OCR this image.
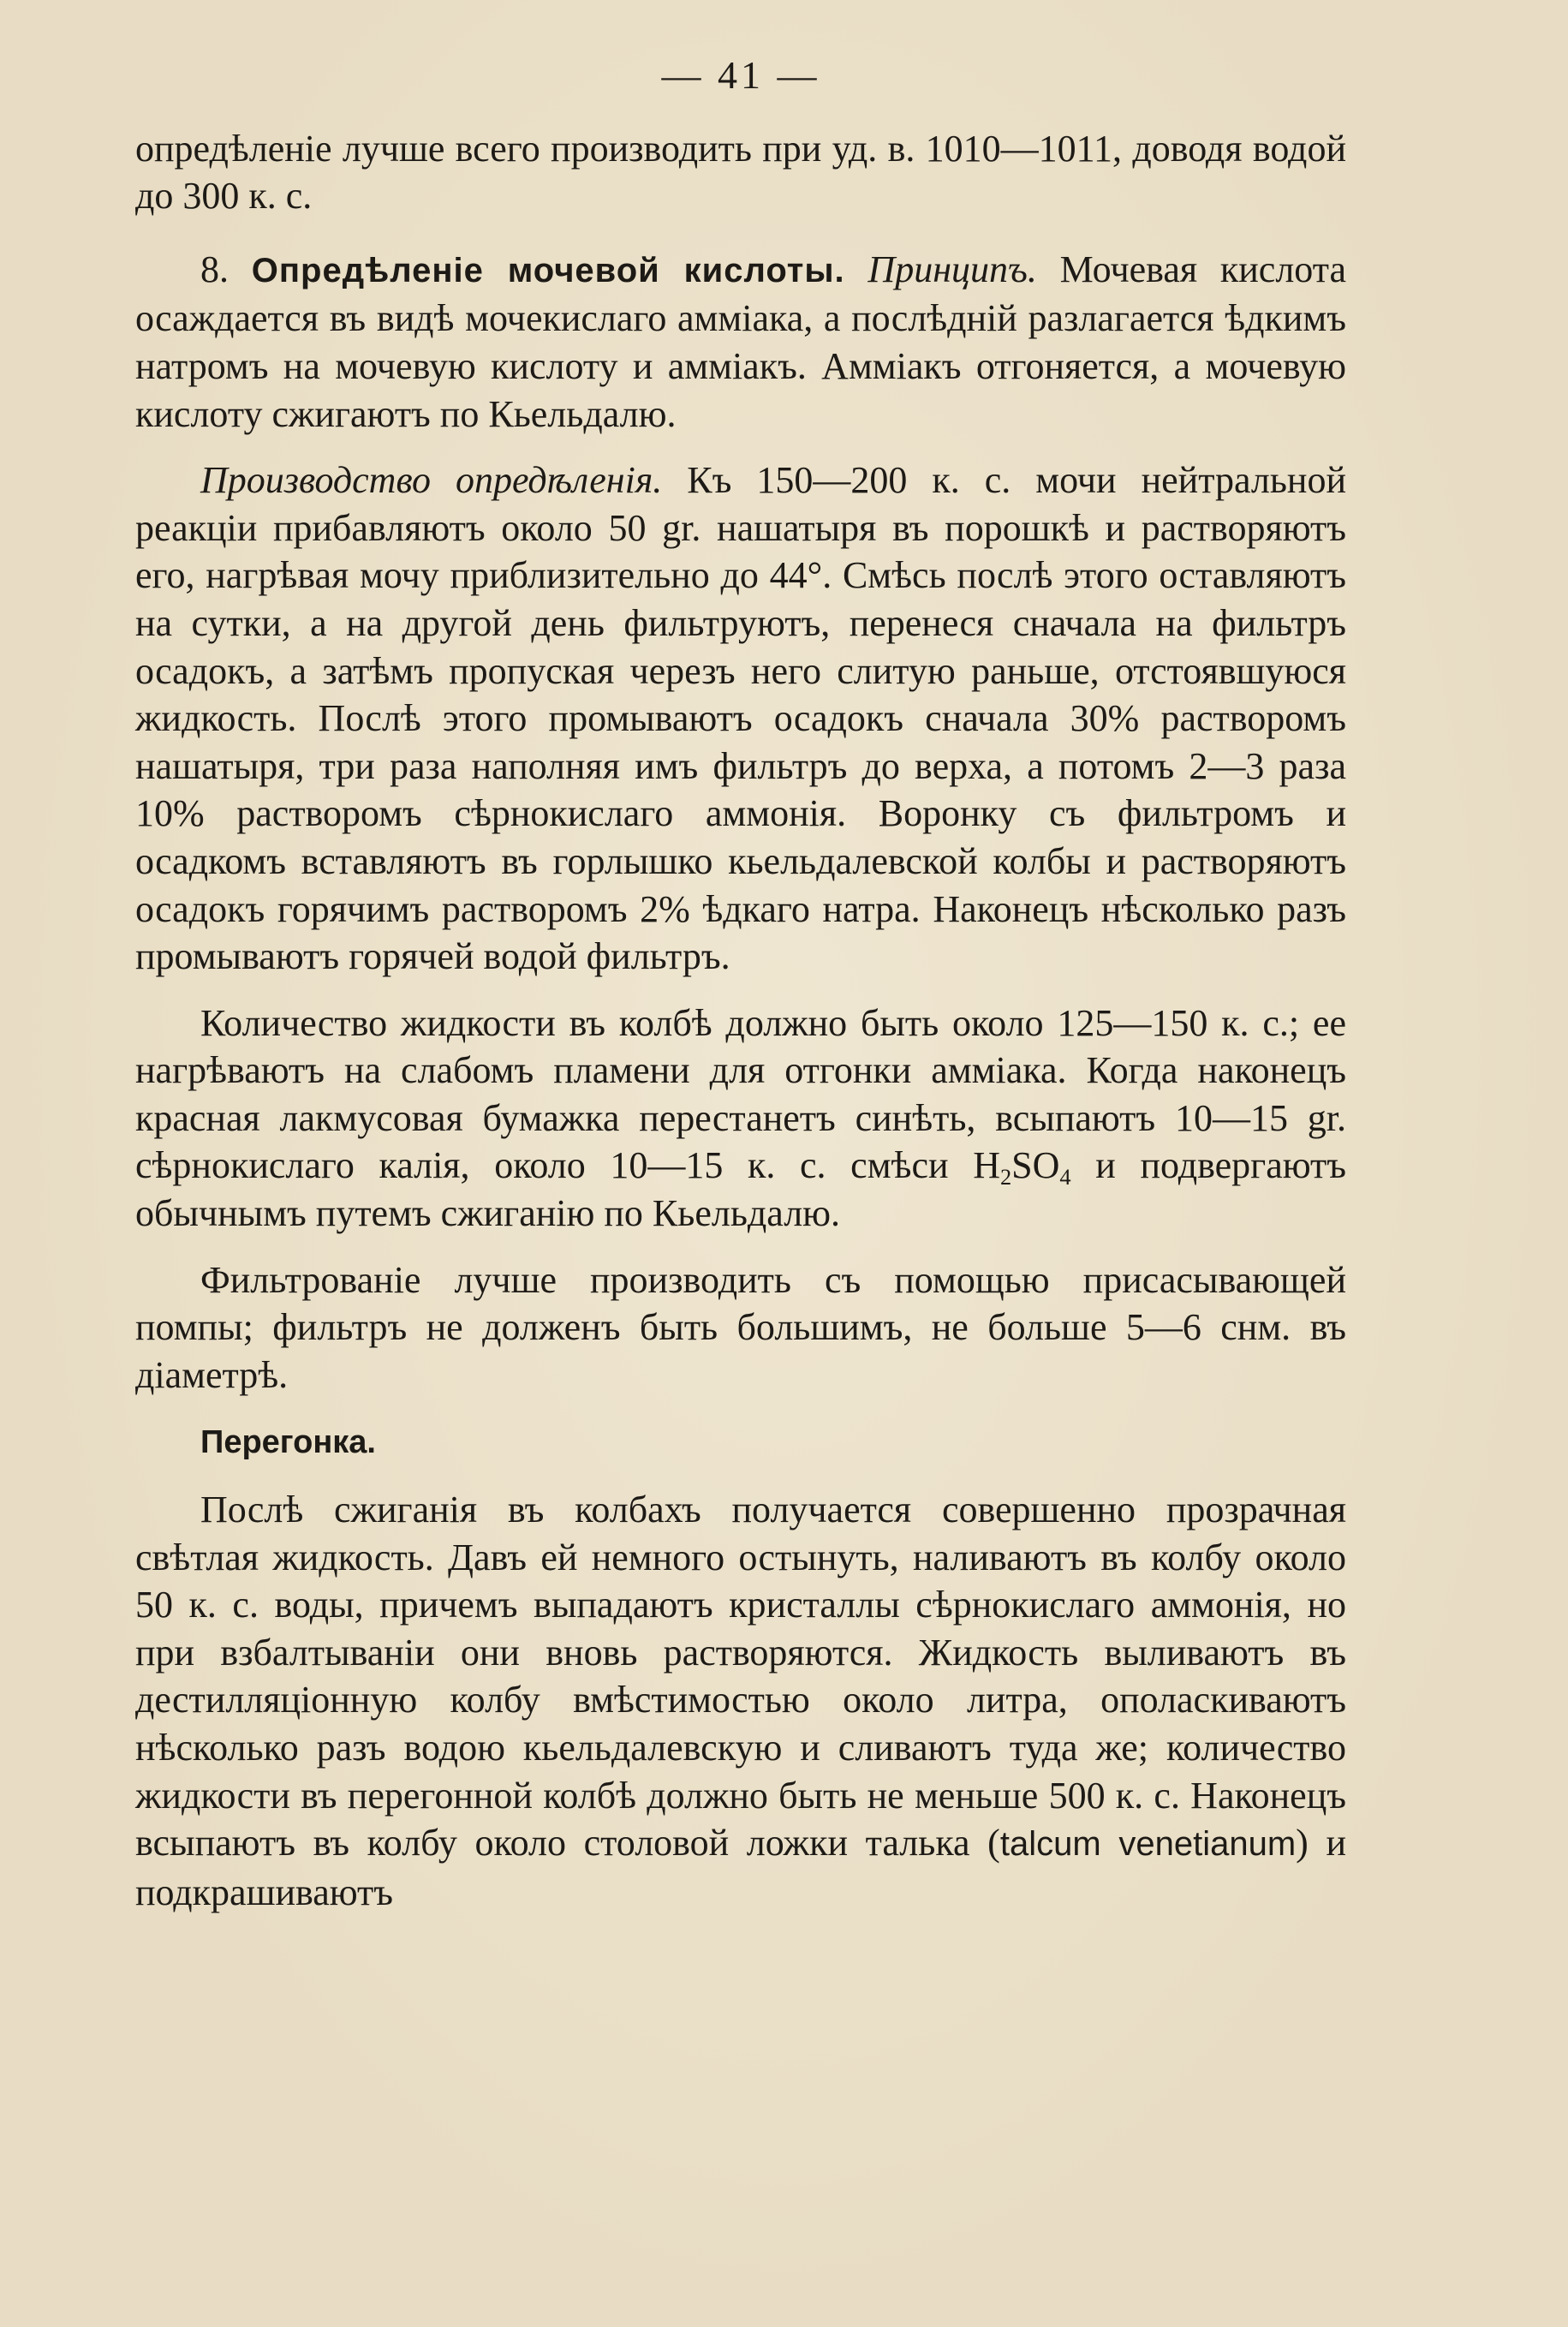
— 41 —

опредѣленіе лучше всего производить при уд. в. 1010—1011, доводя водой до 300 к. с.

8. Опредѣленіе мочевой кислоты. Принципъ. Мочевая кислота осаждается въ видѣ мочекислаго амміака, а послѣдній разлагается ѣдкимъ натромъ на мочевую кислоту и амміакъ. Амміакъ отгоняется, а мочевую кислоту сжигаютъ по Кьельдалю.

Производство опредѣленія. Къ 150—200 к. с. мочи нейтральной реакціи прибавляютъ около 50 gr. нашатыря въ порошкѣ и растворяютъ его, нагрѣвая мочу приблизительно до 44°. Смѣсь послѣ этого оставляютъ на сутки, а на другой день фильтруютъ, перенеся сначала на фильтръ осадокъ, а затѣмъ пропуская черезъ него слитую раньше, отстоявшуюся жидкость. Послѣ этого промываютъ осадокъ сначала 30% растворомъ нашатыря, три раза наполняя имъ фильтръ до верха, а потомъ 2—3 раза 10% растворомъ сѣрнокислаго аммонія. Воронку съ фильтромъ и осадкомъ вставляютъ въ горлышко кьельдалевской колбы и растворяютъ осадокъ горячимъ растворомъ 2% ѣдкаго натра. Наконецъ нѣсколько разъ промываютъ горячей водой фильтръ.

Количество жидкости въ колбѣ должно быть около 125—150 к. с.; ее нагрѣваютъ на слабомъ пламени для отгонки амміака. Когда наконецъ красная лакмусовая бумажка перестанетъ синѣть, всыпаютъ 10—15 gr. сѣрнокислаго калія, около 10—15 к. с. смѣси $H_2SO_4$ и подвергаютъ обычнымъ путемъ сжиганію по Кьельдалю.

Фильтрованіе лучше производить съ помощью присасывающей помпы; фильтръ не долженъ быть большимъ, не больше 5—6 снм. въ діаметрѣ.

Перегонка.

Послѣ сжиганія въ колбахъ получается совершенно прозрачная свѣтлая жидкость. Давъ ей немного остынуть, наливаютъ въ колбу около 50 к. с. воды, причемъ выпадаютъ кристаллы сѣрнокислаго аммонія, но при взбалтываніи они вновь растворяются. Жидкость выливаютъ въ дестилляціонную колбу вмѣстимостью около литра, ополаскиваютъ нѣсколько разъ водою кьельдалевскую и сливаютъ туда же; количество жидкости въ перегонной колбѣ должно быть не меньше 500 к. с. Наконецъ всыпаютъ въ колбу около столовой ложки талька (talcum venetianum) и подкрашиваютъ
